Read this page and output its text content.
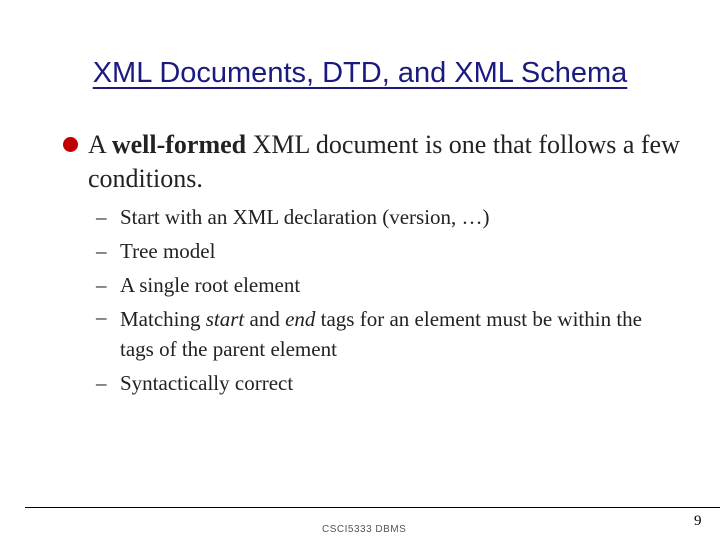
XML Documents, DTD, and XML Schema
A well-formed XML document is one that follows a few conditions.
– Start with an XML declaration (version, …)
– Tree model
– A single root element
– Matching start and end tags for an element must be within the tags of the parent element
– Syntactically correct
CSCI5333 DBMS
9
